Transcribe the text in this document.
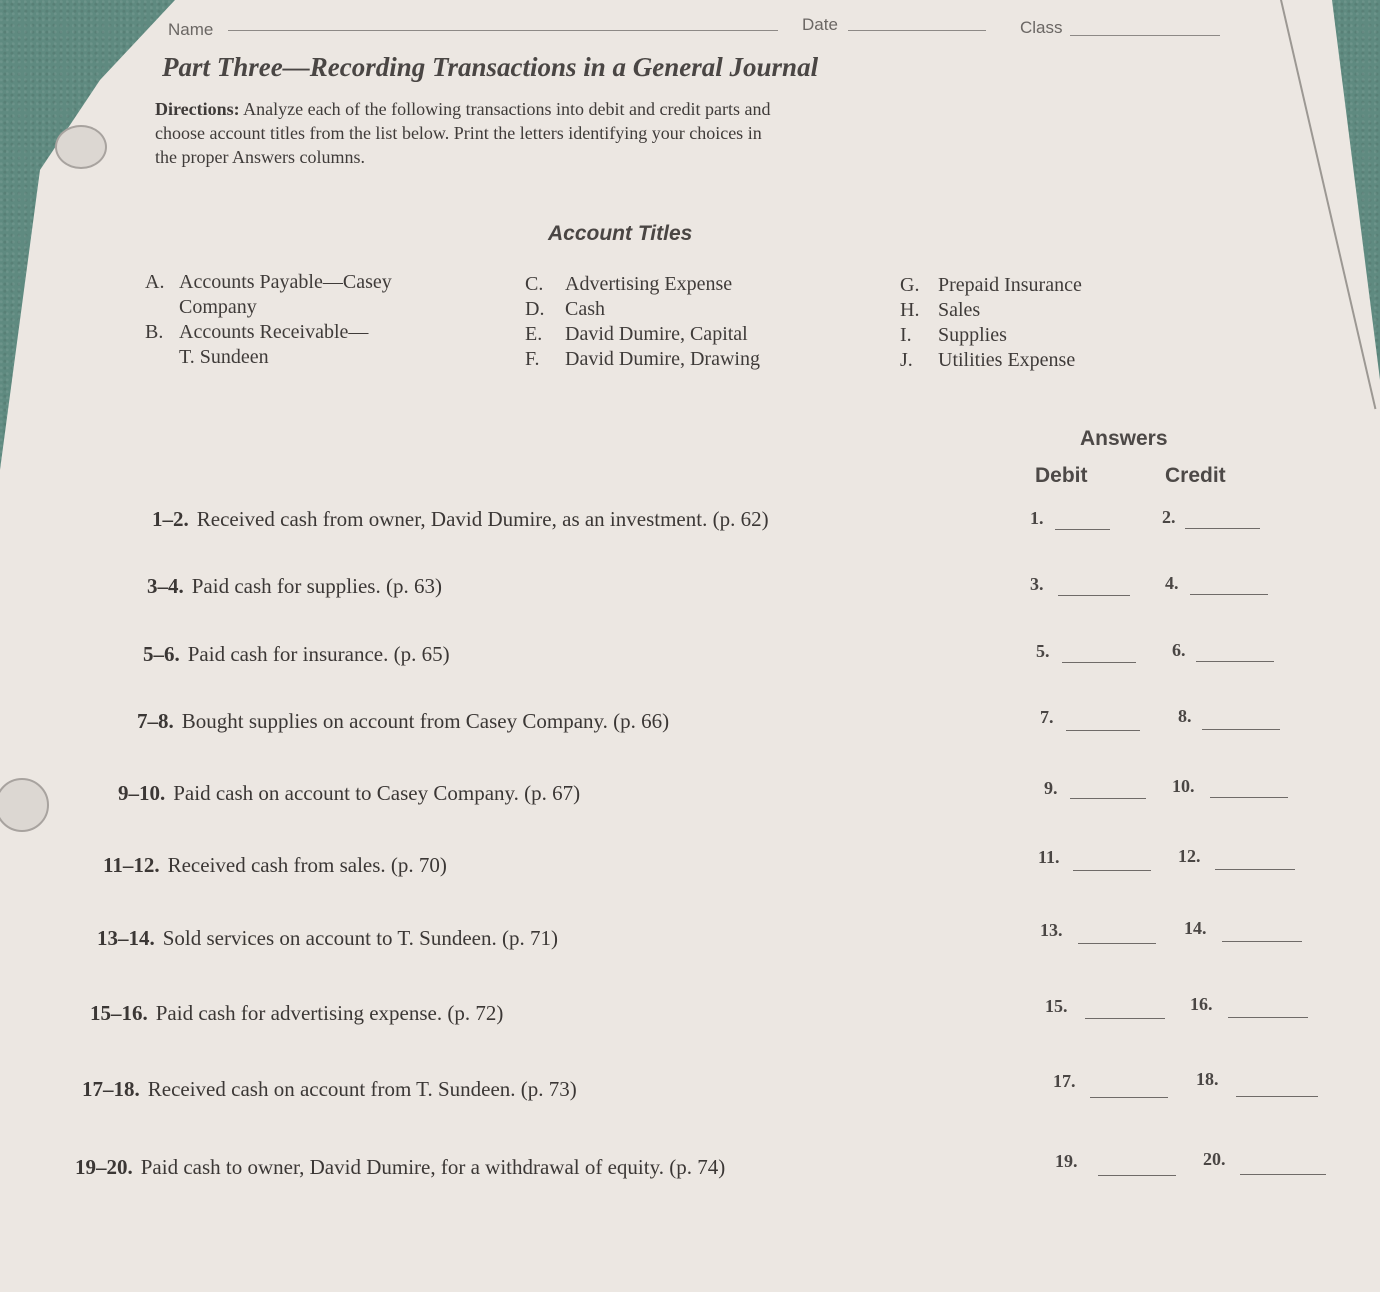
Name	Date	Class
Part Three—Recording Transactions in a General Journal
Directions: Analyze each of the following transactions into debit and credit parts and
choose account titles from the list below. Print the letters identifying your choices in
the proper Answers columns.
Account Titles
A. Accounts Payable—Casey
Company
B. Accounts Receivable—
T. Sundeen
C. Advertising Expense
D. Cash
E. David Dumire, Capital
F. David Dumire, Drawing
G. Prepaid Insurance
H. Sales
I. Supplies
J. Utilities Expense
Answers
Debit	Credit
1–2. Received cash from owner, David Dumire, as an investment. (p. 62)	1.	2.
3–4. Paid cash for supplies. (p. 63)	3.	4.
5–6. Paid cash for insurance. (p. 65)	5.	6.
7–8. Bought supplies on account from Casey Company. (p. 66)	7.	8.
9–10. Paid cash on account to Casey Company. (p. 67)	9.	10.
11–12. Received cash from sales. (p. 70)	11.	12.
13–14. Sold services on account to T. Sundeen. (p. 71)	13.	14.
15–16. Paid cash for advertising expense. (p. 72)	15.	16.
17–18. Received cash on account from T. Sundeen. (p. 73)	17.	18.
19–20. Paid cash to owner, David Dumire, for a withdrawal of equity. (p. 74)	19.	20.
